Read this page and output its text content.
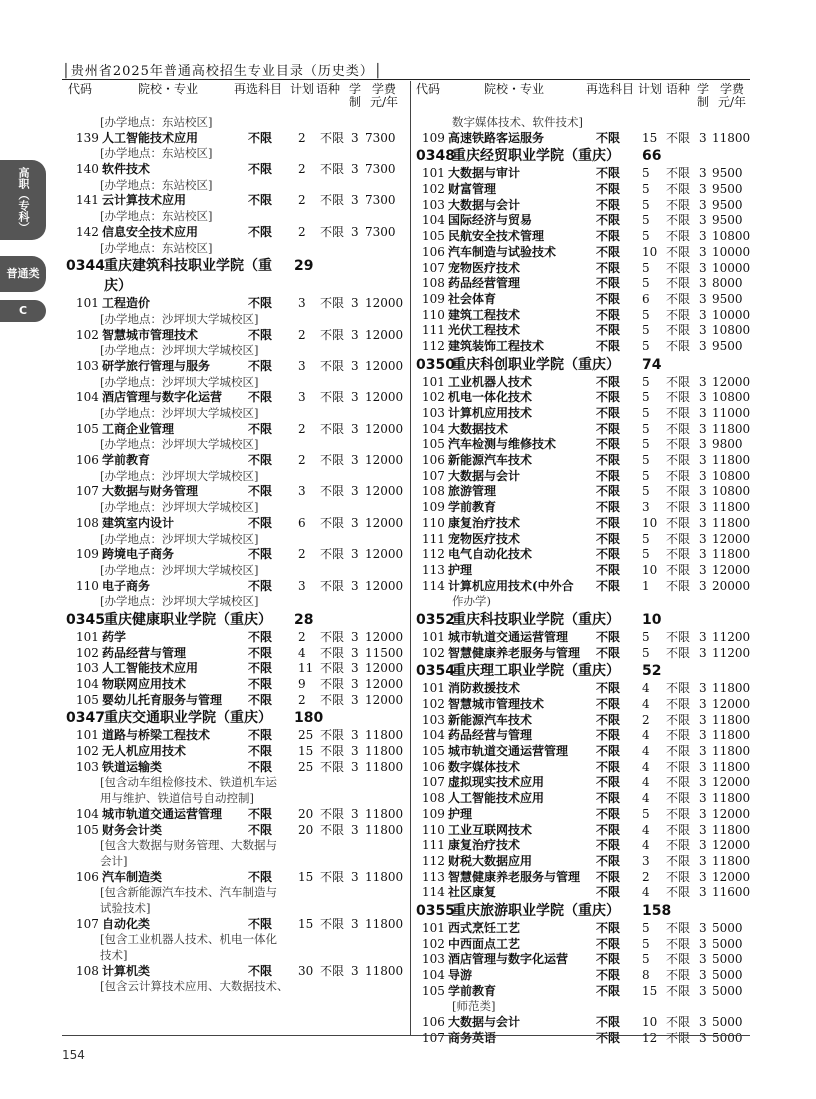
│贵州省2025年普通高校招生专业目录（历史类）│
高职（专科）
普通类
C
代码	院校・专业	再选科目 计划 语种 学制
学费元/年
[办学地点：东站校区]
139 人工智能技术应用	不限 2 不限 3 7300
[办学地点：东站校区]
140 软件技术	不限 2 不限 3 7300
[办学地点：东站校区]
141 云计算技术应用	不限 2 不限 3 7300
[办学地点：东站校区]
142 信息安全技术应用	不限 2 不限 3 7300
[办学地点：东站校区]
0344 重庆建筑科技职业学院（重 29
庆）
101 工程造价	不限 3 不限 3 12000
[办学地点：沙坪坝大学城校区]
102 智慧城市管理技术	不限 2 不限 3 12000
[办学地点：沙坪坝大学城校区]
103 研学旅行管理与服务	不限 3 不限 3 12000
[办学地点：沙坪坝大学城校区]
104 酒店管理与数字化运营 不限 3 不限 3 12000
[办学地点：沙坪坝大学城校区]
105 工商企业管理	不限 2 不限 3 12000
[办学地点：沙坪坝大学城校区]
106 学前教育	不限 2 不限 3 12000
[办学地点：沙坪坝大学城校区]
107 大数据与财务管理	不限 3 不限 3 12000
[办学地点：沙坪坝大学城校区]
108 建筑室内设计	不限 6 不限 3 12000
[办学地点：沙坪坝大学城校区]
109 跨境电子商务	不限 2 不限 3 12000
[办学地点：沙坪坝大学城校区]
110 电子商务	不限 3 不限 3 12000
[办学地点：沙坪坝大学城校区]
0345 重庆健康职业学院（重庆） 28
101 药学	不限 2 不限 3 12000
102 药品经营与管理	不限 4 不限 3 11500
103 人工智能技术应用	不限 11 不限 3 12000
104 物联网应用技术	不限 9 不限 3 12000
105 婴幼儿托育服务与管理 不限 2 不限 3 12000
0347 重庆交通职业学院（重庆） 180
101 道路与桥梁工程技术	不限 25 不限 3 11800
102 无人机应用技术	不限 15 不限 3 11800
103 铁道运输类	不限 25 不限 3 11800
[包含动车组检修技术、铁道机车运
用与维护、铁道信号自动控制]
104 城市轨道交通运营管理 不限 20 不限 3 11800
105 财务会计类	不限 20 不限 3 11800
[包含大数据与财务管理、大数据与
会计]
106 汽车制造类	不限 15 不限 3 11800
[包含新能源汽车技术、汽车制造与
试验技术]
107 自动化类	不限 15 不限 3 11800
[包含工业机器人技术、机电一体化
技术]
108 计算机类	不限 30 不限 3 11800
[包含云计算技术应用、大数据技术、
代码	院校・专业	再选科目 计划 语种 学制
学费元/年
数字媒体技术、软件技术]
109 高速铁路客运服务	不限 15 不限 3 11800
0348
重庆经贸职业学院（重庆） 66
101 大数据与审计	不限 5 不限 3 9500
102 财富管理	不限 5 不限 3 9500
103 大数据与会计	不限 5 不限 3 9500
104 国际经济与贸易	不限 5 不限 3 9500
105 民航安全技术管理	不限 5 不限 3 10800
106 汽车制造与试验技术	不限 10 不限 3 10000
107 宠物医疗技术	不限 5 不限 3 10000
108 药品经营管理	不限 5 不限 3 8000
109 社会体育	不限 6 不限 3 9500
110 建筑工程技术	不限 5 不限 3 10000
111 光伏工程技术	不限 5 不限 3 10800
112 建筑装饰工程技术	不限 5 不限 3 9500
0350
重庆科创职业学院（重庆） 74
101 工业机器人技术	不限 5 不限 3 12000
102 机电一体化技术	不限 5 不限 3 10800
103 计算机应用技术	不限 5 不限 3 11000
104 大数据技术	不限 5 不限 3 11800
105 汽车检测与维修技术	不限 5 不限 3 9800
106 新能源汽车技术	不限 5 不限 3 11800
107 大数据与会计	不限 5 不限 3 10800
108 旅游管理	不限 5 不限 3 10800
109 学前教育	不限 3 不限 3 11800
110 康复治疗技术	不限 10 不限 3 11800
111 宠物医疗技术	不限 5 不限 3 12000
112 电气自动化技术	不限 5 不限 3 11800
113 护理	不限 10 不限 3 12000
114 计算机应用技术(中外合 不限 1 不限 3 20000
作办学)
0352
重庆科技职业学院（重庆） 10
101 城市轨道交通运营管理 不限 5 不限 3 11200
102 智慧健康养老服务与管理 不限 5 不限 3 11200
0354
重庆理工职业学院（重庆） 52
101 消防救援技术	不限 4 不限 3 11800
102 智慧城市管理技术	不限 4 不限 3 12000
103 新能源汽车技术	不限 2 不限 3 11800
104 药品经营与管理	不限 4 不限 3 11800
105 城市轨道交通运营管理 不限 4 不限 3 11800
106 数字媒体技术	不限 4 不限 3 11800
107 虚拟现实技术应用	不限 4 不限 3 12000
108 人工智能技术应用	不限 4 不限 3 11800
109 护理	不限 5 不限 3 12000
110 工业互联网技术	不限 4 不限 3 11800
111 康复治疗技术	不限 4 不限 3 12000
112 财税大数据应用	不限 3 不限 3 11800
113 智慧健康养老服务与管理 不限 2 不限 3 12000
114 社区康复	不限 4 不限 3 11600
0355
重庆旅游职业学院（重庆） 158
101 西式烹饪工艺	不限 5 不限 3 5000
102 中西面点工艺	不限 5 不限 3 5000
103 酒店管理与数字化运营 不限 5 不限 3 5000
104 导游	不限 8 不限 3 5000
105 学前教育	不限 15 不限 3 5000
[师范类]
106 大数据与会计	不限 10 不限 3 5000
107 商务英语	不限 12 不限 3 5000
154
